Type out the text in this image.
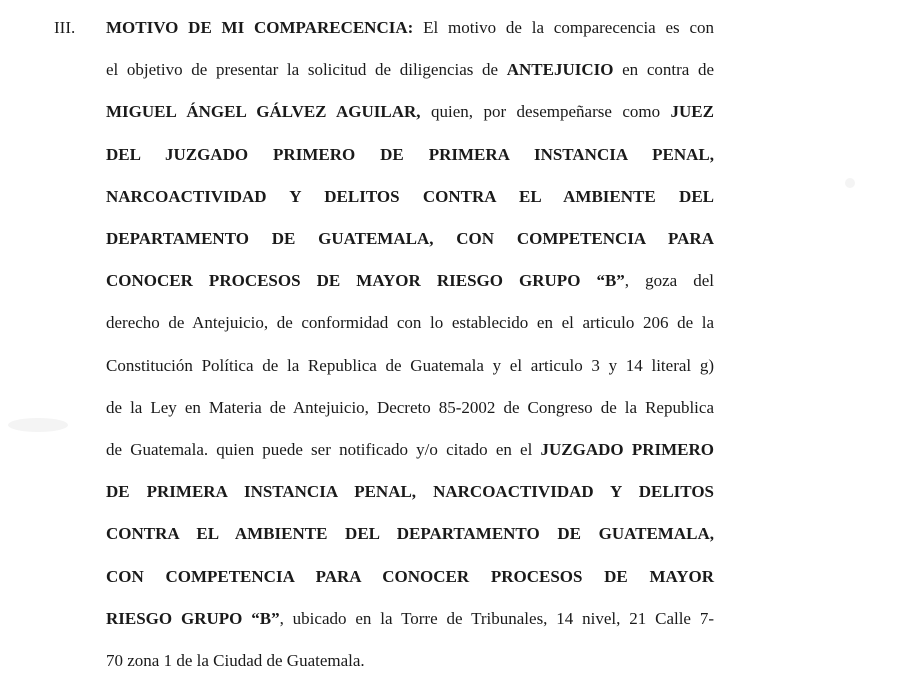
III. MOTIVO DE MI COMPARECENCIA: El motivo de la comparecencia es con
el objetivo de presentar la solicitud de diligencias de ANTEJUICIO en contra de
MIGUEL ÁNGEL GÁLVEZ AGUILAR, quien, por desempeñarse como JUEZ
DEL JUZGADO PRIMERO DE PRIMERA INSTANCIA PENAL,
NARCOACTIVIDAD Y DELITOS CONTRA EL AMBIENTE DEL
DEPARTAMENTO DE GUATEMALA, CON COMPETENCIA PARA
CONOCER PROCESOS DE MAYOR RIESGO GRUPO “B”, goza del
derecho de Antejuicio, de conformidad con lo establecido en el articulo 206 de la
Constitución Política de la Republica de Guatemala y el articulo 3 y 14 literal g)
de la Ley en Materia de Antejuicio, Decreto 85-2002 de Congreso de la Republica
de Guatemala. quien puede ser notificado y/o citado en el JUZGADO PRIMERO
DE PRIMERA INSTANCIA PENAL, NARCOACTIVIDAD Y DELITOS
CONTRA EL AMBIENTE DEL DEPARTAMENTO DE GUATEMALA,
CON COMPETENCIA PARA CONOCER PROCESOS DE MAYOR
RIESGO GRUPO “B”, ubicado en la Torre de Tribunales, 14 nivel, 21 Calle 7-
70 zona 1 de la Ciudad de Guatemala.
